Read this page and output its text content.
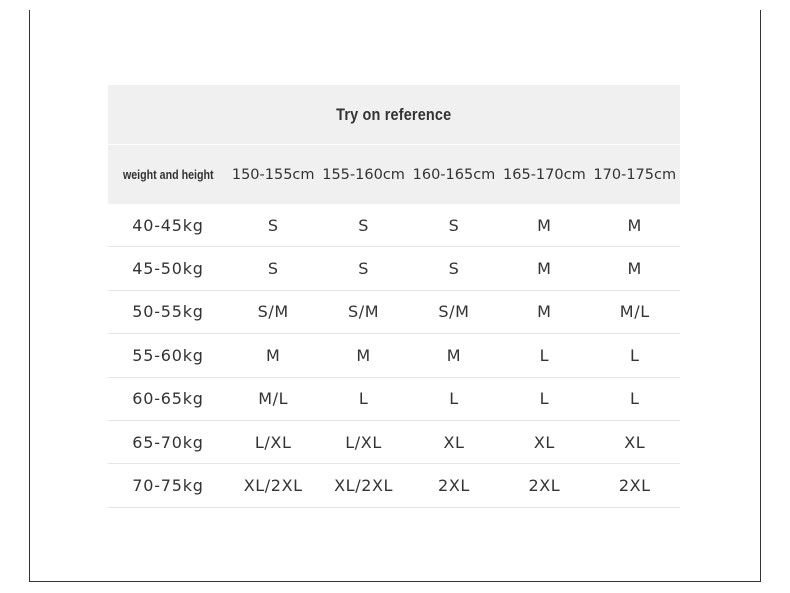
Try on reference
weight and height	150-155cm 155-160cm 160-165cm 165-170cm 170-175cm
40-45kg	S	S	S	M	M
45-50kg	S	S	S	M	M
50-55kg	S/M	S/M	S/M	M	M/L
55-60kg	M	M	M	L	L
60-65kg	M/L	L	L	L	L
65-70kg	L/XL	L/XL	XL	XL	XL
70-75kg	XL/2XL	XL/2XL	2XL	2XL	2XL
